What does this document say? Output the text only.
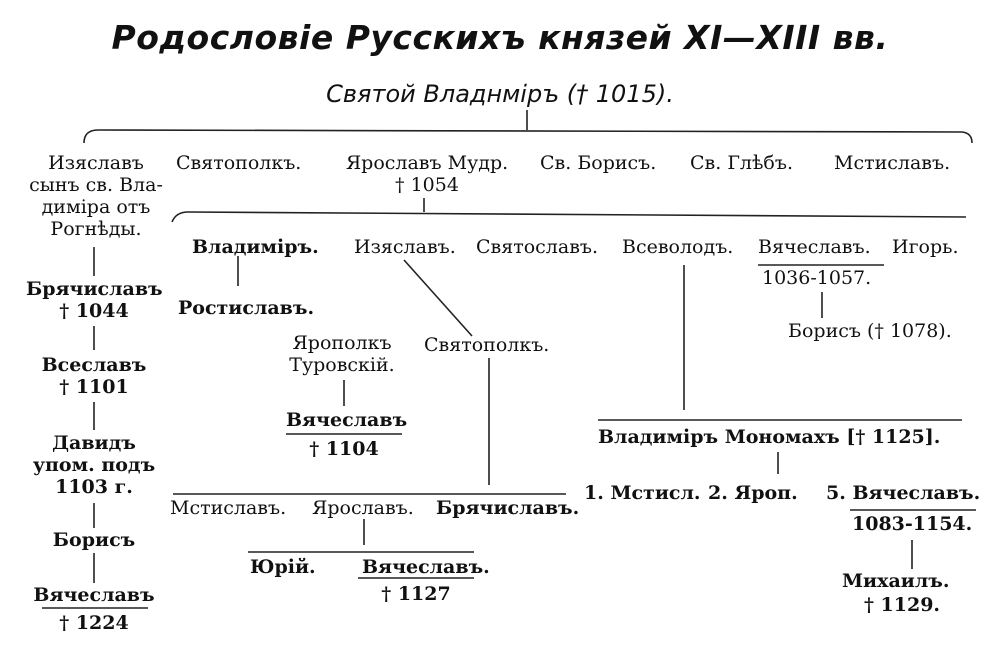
Родословіе Русскихъ князей XI—XIII вв.
Святой Владнміръ († 1015).
Изяславъ
сынъ св. Вла-
диміра отъ
Рогнѣды.
Святополкъ.	Ярославъ Мудр.
† 1054
Св. Борисъ. Св. Глѣбъ. Мстиславъ.
Брячиславъ
† 1044
Всеславъ
† 1101
Давидъ
упом. подъ
1103 г.
Борисъ
Вячеславъ
† 1224
Владиміръ. Изяславъ. Святославъ. Всеволодъ. Вячеславъ. Игорь.
1036-1057.
Ростиславъ.
Ярополкъ
Туровскій.
Святополкъ.
Борисъ († 1078).
Вячеславъ
† 1104
Мстиславъ. Ярославъ. Брячиславъ.
Юрій. Вячеславъ.
† 1127
Владиміръ Мономахъ [† 1125].
1. Мстисл. 2. Яроп. 5. Вячеславъ.
1083-1154.
Михаилъ.
† 1129.
